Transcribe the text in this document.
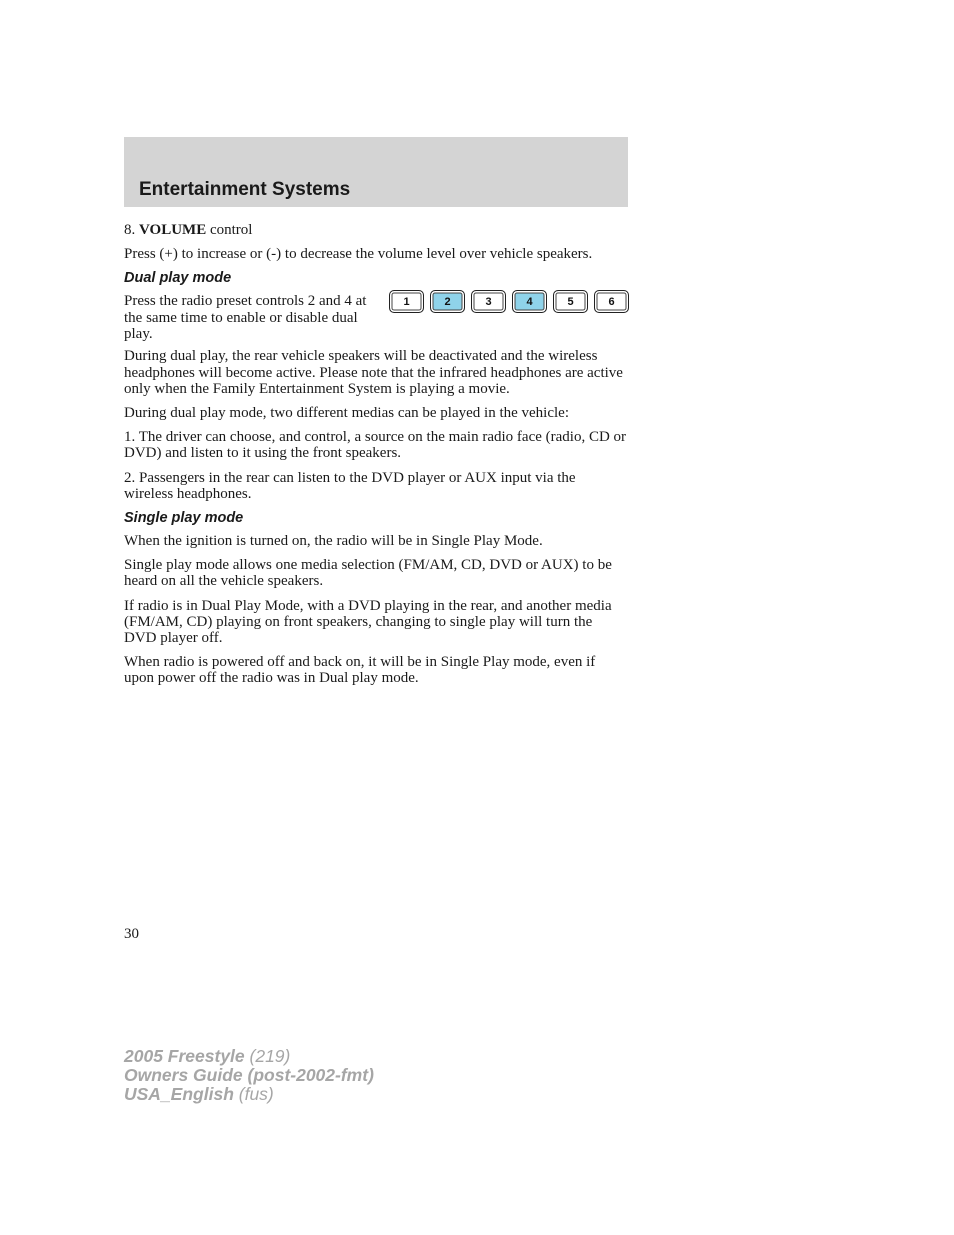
Entertainment Systems

8. VOLUME control

Press (+) to increase or (-) to decrease the volume level over vehicle speakers.

Dual play mode

Press the radio preset controls 2 and 4 at the same time to enable or disable dual play.

1	2	3	4	5	6

During dual play, the rear vehicle speakers will be deactivated and the wireless headphones will become active. Please note that the infrared headphones are active only when the Family Entertainment System is playing a movie.

During dual play mode, two different medias can be played in the vehicle:

1. The driver can choose, and control, a source on the main radio face (radio, CD or DVD) and listen to it using the front speakers.

2. Passengers in the rear can listen to the DVD player or AUX input via the wireless headphones.

Single play mode

When the ignition is turned on, the radio will be in Single Play Mode.

Single play mode allows one media selection (FM/AM, CD, DVD or AUX) to be heard on all the vehicle speakers.

If radio is in Dual Play Mode, with a DVD playing in the rear, and another media (FM/AM, CD) playing on front speakers, changing to single play will turn the DVD player off.

When radio is powered off and back on, it will be in Single Play mode, even if upon power off the radio was in Dual play mode.

30
2005 Freestyle (219)
Owners Guide (post-2002-fmt)
USA_English (fus)
